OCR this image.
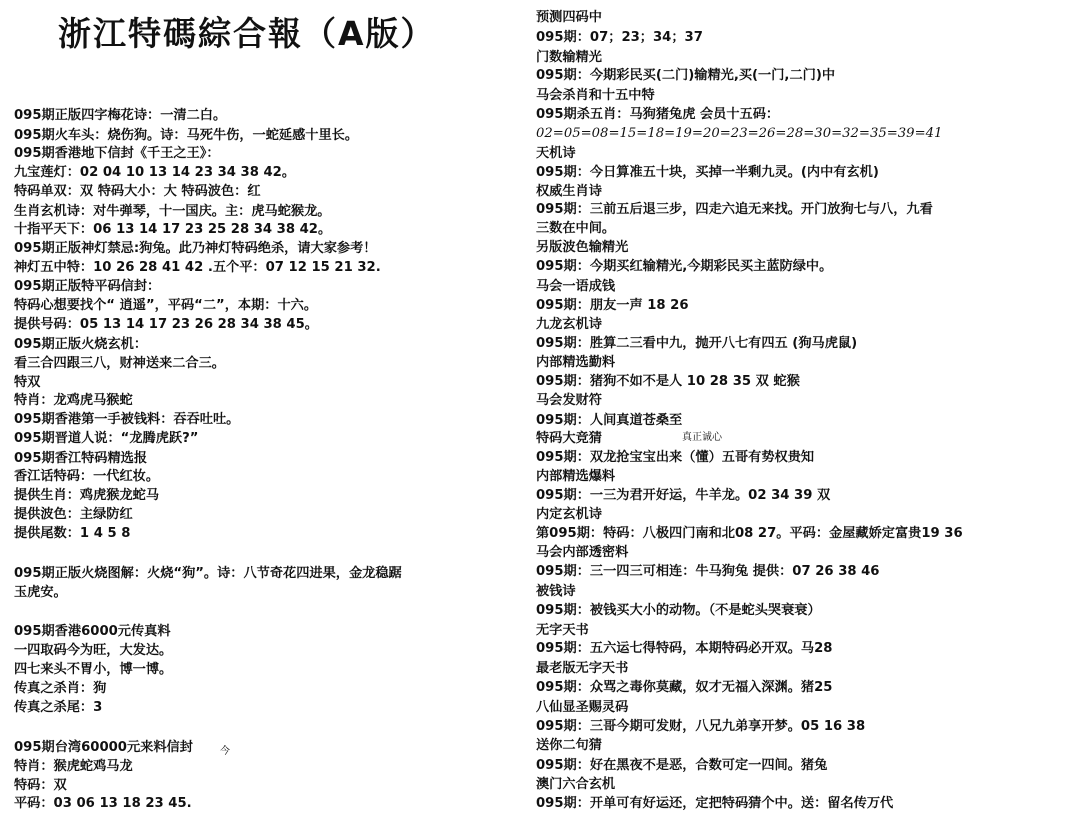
浙江特碼綜合報（A版）
095期正版四字梅花诗：一清二白。
095期火车头：烧伤狗。诗：马死牛伤，一蛇延感十里长。
095期香港地下信封《千王之王》：
九宝莲灯：02 04 10 13 14 23 34 38 42。
特码单双：双 特码大小：大 特码波色：红
生肖玄机诗：对牛弹琴，十一国庆。主：虎马蛇猴龙。
十指平天下：06 13 14 17 23 25 28 34 38 42。
095期正版神灯禁忌:狗兔。此乃神灯特码绝杀，请大家参考！
神灯五中特：10 26 28 41 42 .五个平：07 12 15 21 32.
095期正版特平码信封：
特码心想要找个“ 逍遥”，平码“二”，本期：十六。
提供号码：05 13 14 17 23 26 28 34 38 45。
095期正版火烧玄机：
看三合四跟三八，财神送来二合三。
特双
特肖：龙鸡虎马猴蛇
095期香港第一手被钱料：吞吞吐吐。
095期晋道人说：“龙腾虎跃?”
095期香江特码精选报
香江话特码：一代红妆。
提供生肖：鸡虎猴龙蛇马
提供波色：主绿防红
提供尾数：1 4 5 8
095期正版火烧图解：火烧“狗”。诗：八节奇花四进果，金龙稳踞
玉虎安。
095期香港6000元传真料
一四取码今为旺，大发达。
四七来头不胃小，博一博。
传真之杀肖：狗
传真之杀尾：3
095期台湾60000元来料信封
特肖：猴虎蛇鸡马龙
特码：双
平码：03 06 13 18 23 45.
预测四码中
095期：07；23；34；37
门数输精光
095期：今期彩民买(二门)输精光,买(一门,二门)中
马会杀肖和十五中特
095期杀五肖：马狗猪兔虎 会员十五码：
02=05=08=15=18=19=20=23=26=28=30=32=35=39=41
天机诗
095期：今日算准五十块，买掉一半剩九灵。(内中有玄机)
权威生肖诗
095期：三前五后退三步，四走六追无来找。开门放狗七与八，九看
三数在中间。
另版波色输精光
095期：今期买红输精光,今期彩民买主蓝防绿中。
马会一语成钱
095期：朋友一声 18 26
九龙玄机诗
095期：胜算二三看中九，抛开八七有四五 (狗马虎鼠)
内部精选勤料
095期：猪狗不如不是人 10 28 35 双 蛇猴
马会发财符
095期：人间真道苍桑至
特码大竞猜
095期：双龙抢宝宝出来（懂）五哥有势权贵知
内部精选爆料
095期：一三为君开好运，牛羊龙。02 34 39 双
内定玄机诗
第095期：特码：八极四门南和北08 27。平码：金屋藏娇定富贵19 36
马会内部透密料
095期：三一四三可相连：牛马狗兔 提供：07 26 38 46
被钱诗
095期：被钱买大小的动物。（不是蛇头哭衰衰）
无字天书
095期：五六运七得特码，本期特码必开双。马28
最老版无字天书
095期：众骂之毒你莫藏，奴才无福入深渊。猪25
八仙显圣赐灵码
095期：三哥今期可发财，八兄九弟享开梦。05 16 38
送你二句猜
095期：好在黑夜不是恶，合数可定一四间。猪兔
澳门六合玄机
095期：开单可有好运还，定把特码猜个中。送：留名传万代
真正诚心
今
